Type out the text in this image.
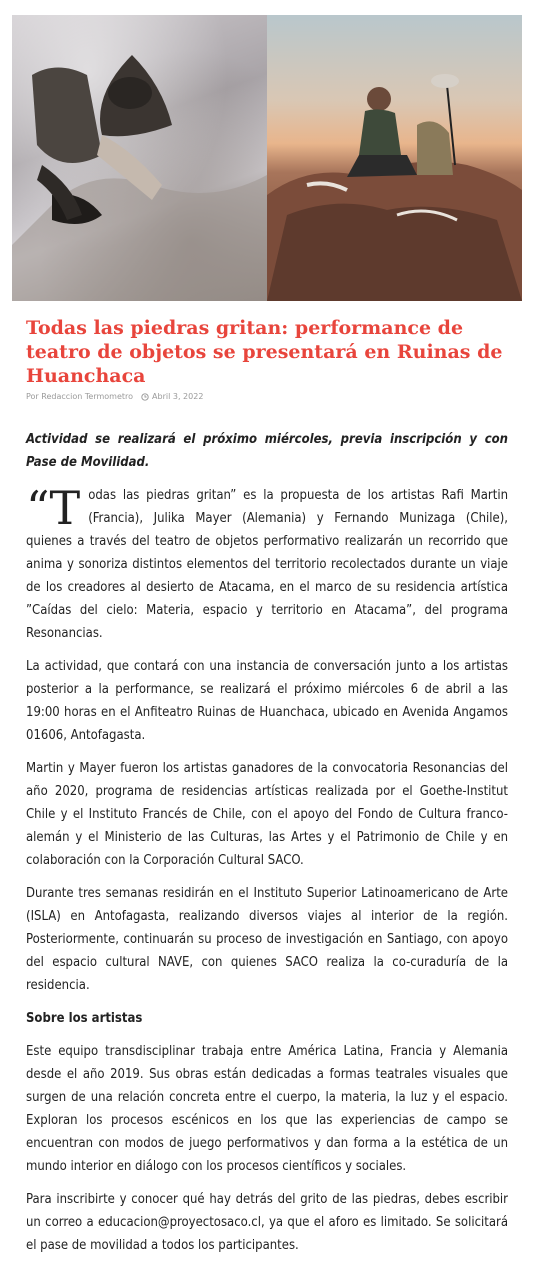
Todas las piedras gritan: performance de teatro de objetos se presentará en Ruinas de Huanchaca
Por Redaccion Termometro Abril 3, 2022

Actividad se realizará el próximo miércoles, previa inscripción y con Pase de Movilidad.

“Todas las piedras gritan” es la propuesta de los artistas Rafi Martin (Francia), Julika Mayer (Alemania) y Fernando Munizaga (Chile), quienes a través del teatro de objetos performativo realizarán un recorrido que anima y sonoriza distintos elementos del territorio recolectados durante un viaje de los creadores al desierto de Atacama, en el marco de su residencia artística ”Caídas del cielo: Materia, espacio y territorio en Atacama”, del programa Resonancias.

La actividad, que contará con una instancia de conversación junto a los artistas posterior a la performance, se realizará el próximo miércoles 6 de abril a las 19:00 horas en el Anfiteatro Ruinas de Huanchaca, ubicado en Avenida Angamos 01606, Antofagasta.

Martin y Mayer fueron los artistas ganadores de la convocatoria Resonancias del año 2020, programa de residencias artísticas realizada por el Goethe-Institut Chile y el Instituto Francés de Chile, con el apoyo del Fondo de Cultura franco-alemán y el Ministerio de las Culturas, las Artes y el Patrimonio de Chile y en colaboración con la Corporación Cultural SACO.

Durante tres semanas residirán en el Instituto Superior Latinoamericano de Arte (ISLA) en Antofagasta, realizando diversos viajes al interior de la región. Posteriormente, continuarán su proceso de investigación en Santiago, con apoyo del espacio cultural NAVE, con quienes SACO realiza la co-curaduría de la residencia.

Sobre los artistas

Este equipo transdisciplinar trabaja entre América Latina, Francia y Alemania desde el año 2019. Sus obras están dedicadas a formas teatrales visuales que surgen de una relación concreta entre el cuerpo, la materia, la luz y el espacio. Exploran los procesos escénicos en los que las experiencias de campo se encuentran con modos de juego performativos y dan forma a la estética de un mundo interior en diálogo con los procesos científicos y sociales.

Para inscribirte y conocer qué hay detrás del grito de las piedras, debes escribir un correo a educacion@proyectosaco.cl, ya que el aforo es limitado. Se solicitará el pase de movilidad a todos los participantes.
